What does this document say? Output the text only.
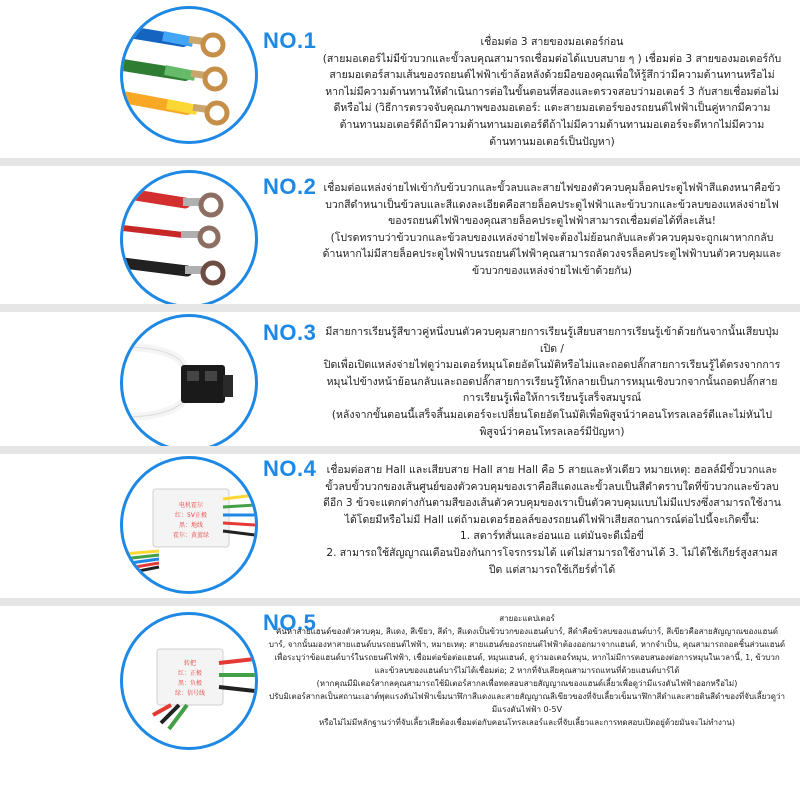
NO.1	เชื่อมต่อ 3 สายของมอเตอร์ก่อน

(สายมอเตอร์ไม่มีข้วบวกและขั้วลบคุณสามารถเชื่อมต่อได้แบบสบาย ๆ ) เชื่อมต่อ 3 สายของมอเตอร์กับสายมอเตอร์สามเส้นของรถยนต์ไฟฟ้าเข้าล้อหลังด้วยมือของคุณเพื่อให้รู้สึกว่ามีความต้านทานหรือไม่หากไม่มีความต้านทานให้ดำเนินการต่อในขั้นตอนที่สองและตรวจสอบว่ามอเตอร์ 3 กับสายเชื่อมต่อไม่ดีหรือไม่ (วิธีการตรวจจับคุณภาพของมอเตอร์: แตะสายมอเตอร์ของรถยนต์ไฟฟ้าเป็นคู่หากมีความต้านทานมอเตอร์ดีถ้ามีความต้านทานมอเตอร์ดีถ้าไม่มีความต้านทานมอเตอร์จะดีหากไม่มีความต้านทานมอเตอร์เป็นปัญหา)

NO.2 เชื่อมต่อแหล่งจ่ายไฟเข้ากับข้วบวกและขั้วลบและสายไฟของตัวควบคุมล็อคประตูไฟฟ้าสีแดงหนาคือข้วบวกสีดำหนาเป็นข้วลบและสีแดงละเอียดคือสายล็อคประตูไฟฟ้าและข้วบวกและข้วลบของแหล่งจ่ายไฟของรถยนต์ไฟฟ้าของคุณสายล็อคประตูไฟฟ้าสามารถเชื่อมต่อได้ที่ละเส้น!

(โปรดทราบว่าข้วบวกและข้วลบของแหล่งจ่ายไฟจะต้องไม่ย้อนกลับและตัวควบคุมจะถูกเผาหากกลับด้านหากไม่มีสายล็อคประตูไฟฟ้าบนรถยนต์ไฟฟ้าคุณสามารถลัดวงจรล็อคประตูไฟฟ้าบนตัวควบคุมและข้วบวกของแหล่งจ่ายไฟเข้าด้วยกัน)

NO.3 มีสายการเรียนรู้สีขาวคู่หนึ่งบนตัวควบคุมสายการเรียนรู้เสียบสายการเรียนรู้เข้าด้วยกันจากนั้นเสียบปุ่มเปิด /

ปิดเพื่อเปิดแหล่งจ่ายไฟดูว่ามอเตอร์หมุนโดยอัตโนมัติหรือไม่และถอดปลั๊กสายการเรียนรู้ได้ตรงจากการหมุนไปข้างหน้าย้อนกลับและถอดปลั๊กสายการเรียนรู้ให้กลายเป็นการหมุนเชิงบวกจากนั้นถอดปลั๊กสายการเรียนรู้เพื่อให้การเรียนรู้เสร็จสมบูรณ์

(หลังจากขั้นตอนนี้เสร็จสิ้นมอเตอร์จะเปลี่ยนโดยอัตโนมัติเพื่อพิสูจน์ว่าคอนโทรลเลอร์ดีและไม่หันไปพิสูจน์ว่าคอนโทรลเลอร์มีปัญหา)

电机霍尔
红：5V正极
黑：地线
霍尔：黄蓝绿
NO.4 เชื่อมต่อสาย Hall และเสียบสาย Hall สาย Hall คือ 5 สายและหัวเดียว หมายเหตุ: ฮอลล์มีขั้วบวกและขั้วลบขั้วบวกของเส้นศูนย์ของตัวควบคุมของเราคือสีแดงและขั้วลบเป็นสีดำตราบใดที่ข้วบวกและข้วลบดีอีก 3 ข้วจะแตกต่างกันตามสีของเส้นตัวควบคุมของเราเป็นตัวควบคุมแบบไม่มีแปรงซึ่งสามารถใช้งานได้โดยมีหรือไม่มี Hall แต่ถ้ามอเตอร์ฮอลล์ของรถยนต์ไฟฟ้าเสียสถานการณ์ต่อไปนี้จะเกิดขึ้น:

1. สตาร์ทสั่นและอ่อนแอ แต่มันจะดีเมื่อขี่

2. สามารถใช้สัญญาณเตือนป้องกันการโจรกรรมได้ แต่ไม่สามารถใช้งานได้ 3. ไม่ได้ใช้เกียร์สูงสามสปีด แต่สามารถใช้เกียร์ต่ำได้

转把
红：正极
黑：负极
绿：信号线
NO.5	สายอะแดปเตอร์

คันหาสายแฮนด์ของตัวควบคุม, สีแดง, สีเขียว, สีดำ, สีแดงเป็นข้วบวกของแฮนด์บาร์, สีดำคือข้วลบของแฮนด์บาร์, สีเขียวคือสายสัญญาณของแฮนด์บาร์, จากนั้นมองหาสายแฮนด์บนรถยนต์ไฟฟ้า, หมายเหตุ: สายแฮนด์ของรถยนต์ไฟฟ้าต้องออกมาจากแฮนด์, หากจำเป็น, คุณสามารถถอดชิ้นส่วนแฮนด์เพื่อระบุว่าข้อแฮนด์บาร์ในรถยนต์ไฟฟ้า, เชื่อมต่อข้อต่อแฮนด์, หมุนแฮนด์, ดูว่ามอเตอร์หมุน, หากไม่มีการตอบสนองต่อการหมุนในเวลานี้, 1, ข้วบวกและข้วลบของแฮนด์บาร์ไม่ได้เชื่อมต่อ; 2 หากที่จับเสียคุณสามารถแทนที่ด้วยแฮนด์บาร์ได้

(หากคุณมีมิเตอร์สากลคุณสามารถใช้มิเตอร์สากลเพื่อทดสอบสายสัญญาณของแฮนด์เลี้ยวเพื่อดูว่ามีแรงดันไฟฟ้าออกหรือไม่)

ปรับมิเตอร์สากลเป็นสถานะเอาต์พุตแรงดันไฟฟ้าเข็มนาฬิกาสีแดงและสายสัญญาณสีเขียวของที่จับเลี้ยวเข็มนาฬิกาสีดำและสายดินสีดำของที่จับเลี้ยวดูว่ามีแรงดันไฟฟ้า 0-5V

หรือไม่ไม่มีหลักฐานว่าที่จับเลี้ยวเสียต้องเชื่อมต่อกับคอนโทรลเลอร์และที่จับเลี้ยวและการทดสอบเปิดอยู่ด้วยมันจะไม่ทำงาน)
